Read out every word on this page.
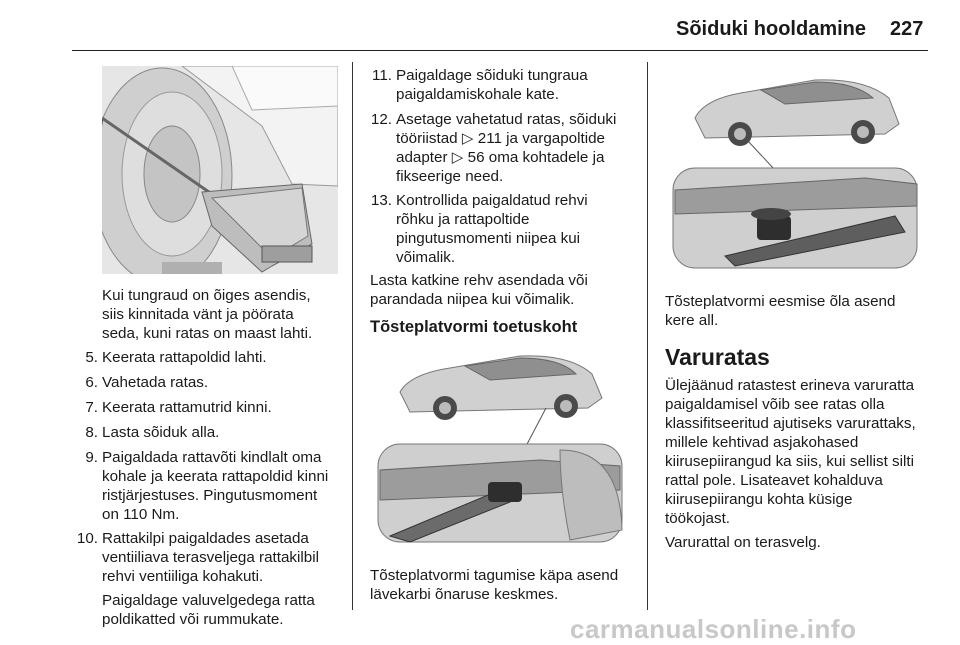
Sõiduki hooldamine 227
Kui tungraud on õiges asendis,
siis kinnitada vänt ja pöörata
seda, kuni ratas on maast lahti.
5. Keerata rattapoldid lahti.
6. Vahetada ratas.
7. Keerata rattamutrid kinni.
8. Lasta sõiduk alla.
9. Paigaldada rattavõti kindlalt oma
kohale ja keerata rattapoldid kinni
ristjärjestuses. Pingutusmoment
on 110 Nm.
10. Rattakilpi paigaldades asetada
ventiiliava terasveljega rattakilbil
rehvi ventiiliga kohakuti.
Paigaldage valuvelgedega ratta
poldikatted või rummukate.
11. Paigaldage sõiduki tungraua
paigaldamiskohale kate.
12. Asetage vahetatud ratas, sõiduki
tööriistad ▷ 211 ja vargapoltide
adapter ▷ 56 oma kohtadele ja
fikseerige need.
13. Kontrollida paigaldatud rehvi
rõhku ja rattapoltide
pingutusmomenti niipea kui
võimalik.
Lasta katkine rehv asendada või
parandada niipea kui võimalik.
Tõsteplatvormi toetuskoht
Tõsteplatvormi tagumise käpa asend
lävekarbi õnaruse keskmes.
Tõsteplatvormi eesmise õla asend
kere all.
Varuratas
Ülejäänud ratastest erineva varuratta
paigaldamisel võib see ratas olla
klassifitseeritud ajutiseks varurattaks,
millele kehtivad asjakohased
kiirusepiirangud ka siis, kui sellist silti
rattal pole. Lisateavet kohalduva
kiirusepiirangu kohta küsige
töökojast.
Varurattal on terasvelg.
carmanualsonline.info
